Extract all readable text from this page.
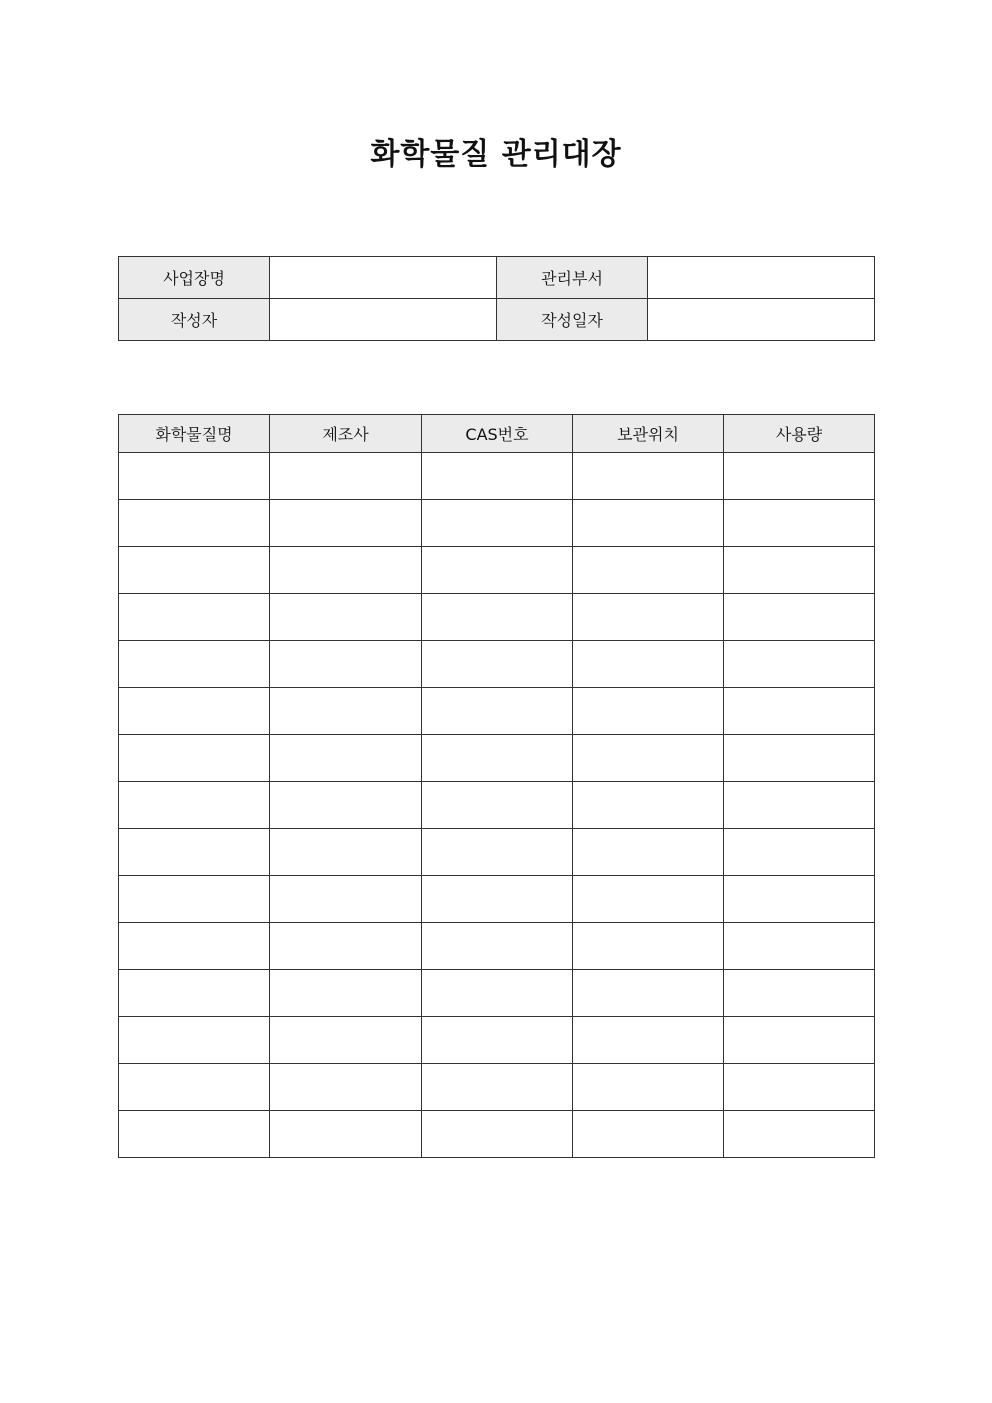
화학물질 관리대장
사업장명		관리부서	
작성자		작성일자	
화학물질명	제조사	CAS번호	보관위치	사용량
